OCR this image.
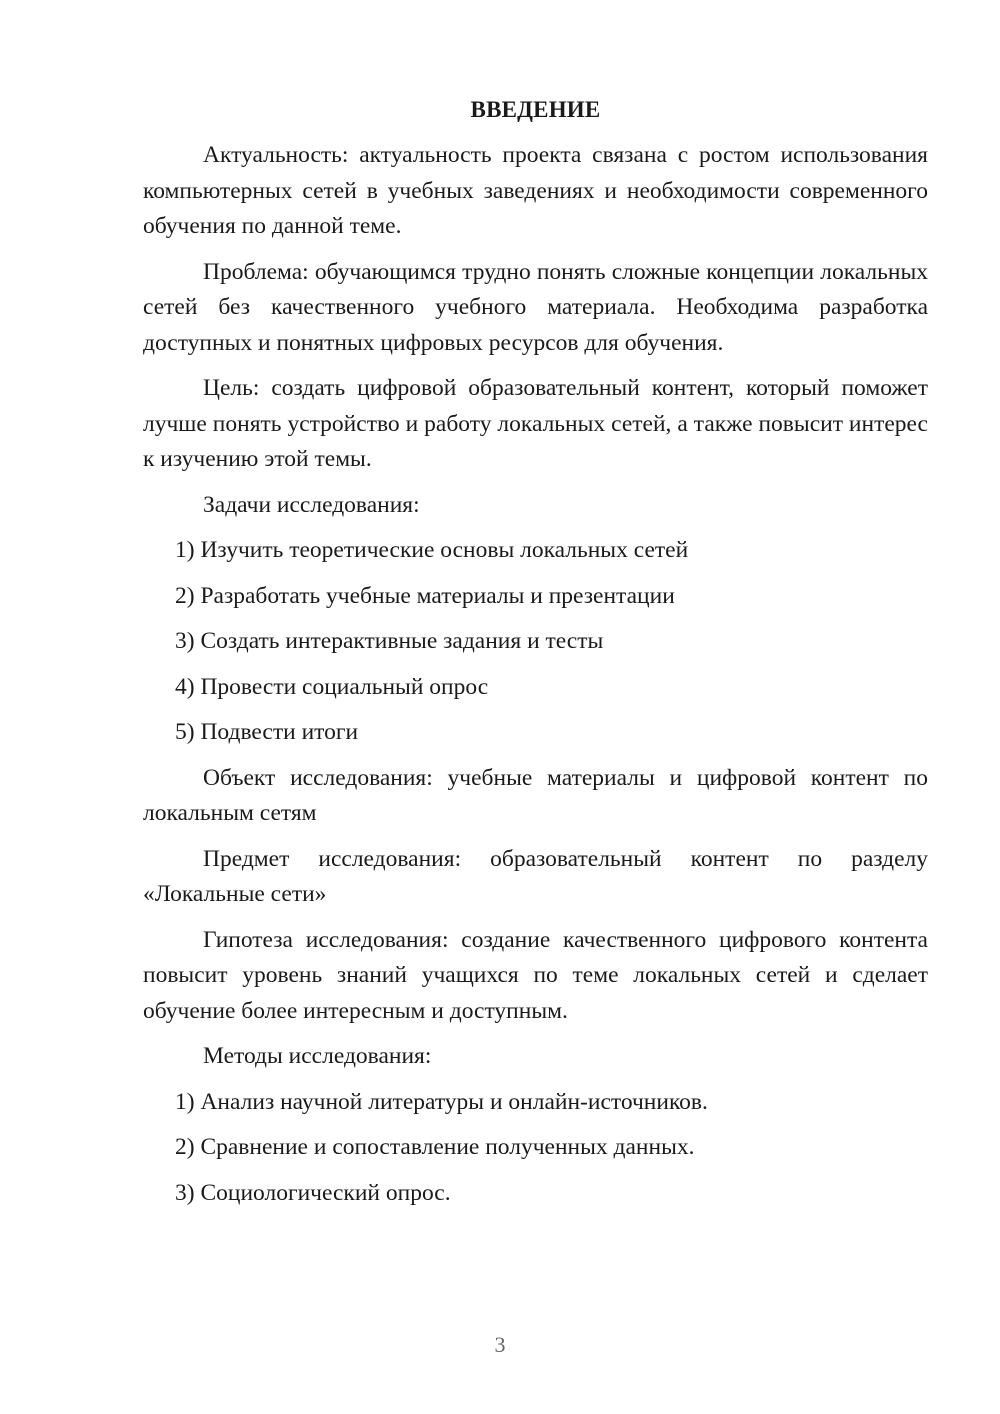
ВВЕДЕНИЕ

Актуальность: актуальность проекта связана с ростом использования компьютерных сетей в учебных заведениях и необходимости современного обучения по данной теме.

Проблема: обучающимся трудно понять сложные концепции локальных сетей без качественного учебного материала. Необходима разработка доступных и понятных цифровых ресурсов для обучения.

Цель: создать цифровой образовательный контент, который поможет лучше понять устройство и работу локальных сетей, а также повысит интерес к изучению этой темы.

Задачи исследования:

1) Изучить теоретические основы локальных сетей
2) Разработать учебные материалы и презентации
3) Создать интерактивные задания и тесты
4) Провести социальный опрос
5) Подвести итоги

Объект исследования: учебные материалы и цифровой контент по локальным сетям

Предмет исследования: образовательный контент по разделу «Локальные сети»

Гипотеза исследования: создание качественного цифрового контента повысит уровень знаний учащихся по теме локальных сетей и сделает обучение более интересным и доступным.

Методы исследования:

1) Анализ научной литературы и онлайн-источников.
2) Сравнение и сопоставление полученных данных.
3) Социологический опрос.
3
